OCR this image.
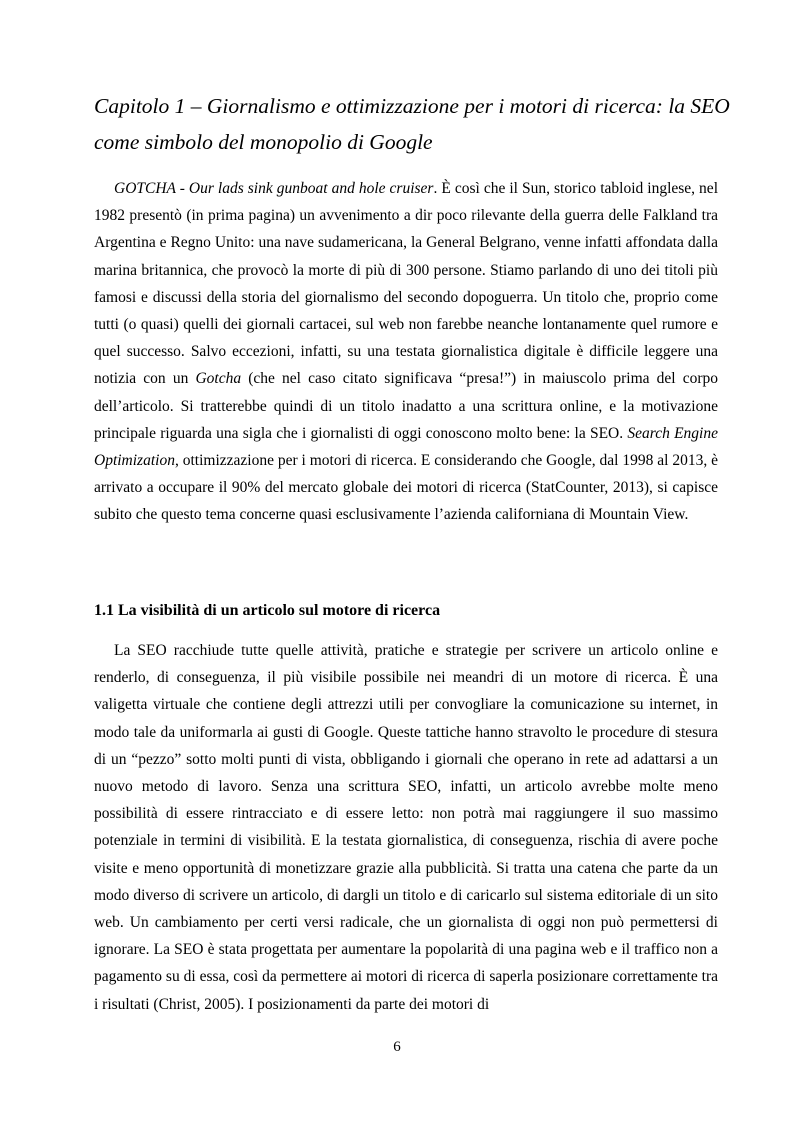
Capitolo 1 – Giornalismo e ottimizzazione per i motori di ricerca: la SEO come simbolo del monopolio di Google

GOTCHA - Our lads sink gunboat and hole cruiser. È così che il Sun, storico tabloid inglese, nel 1982 presentò (in prima pagina) un avvenimento a dir poco rilevante della guerra delle Falkland tra Argentina e Regno Unito: una nave sudamericana, la General Belgrano, venne infatti affondata dalla marina britannica, che provocò la morte di più di 300 persone. Stiamo parlando di uno dei titoli più famosi e discussi della storia del giornalismo del secondo dopoguerra. Un titolo che, proprio come tutti (o quasi) quelli dei giornali cartacei, sul web non farebbe neanche lontanamente quel rumore e quel successo. Salvo eccezioni, infatti, su una testata giornalistica digitale è difficile leggere una notizia con un Gotcha (che nel caso citato significava “presa!”) in maiuscolo prima del corpo dell’articolo. Si tratterebbe quindi di un titolo inadatto a una scrittura online, e la motivazione principale riguarda una sigla che i giornalisti di oggi conoscono molto bene: la SEO. Search Engine Optimization, ottimizzazione per i motori di ricerca. E considerando che Google, dal 1998 al 2013, è arrivato a occupare il 90% del mercato globale dei motori di ricerca (StatCounter, 2013), si capisce subito che questo tema concerne quasi esclusivamente l’azienda californiana di Mountain View.

1.1 La visibilità di un articolo sul motore di ricerca

La SEO racchiude tutte quelle attività, pratiche e strategie per scrivere un articolo online e renderlo, di conseguenza, il più visibile possibile nei meandri di un motore di ricerca. È una valigetta virtuale che contiene degli attrezzi utili per convogliare la comunicazione su internet, in modo tale da uniformarla ai gusti di Google. Queste tattiche hanno stravolto le procedure di stesura di un “pezzo” sotto molti punti di vista, obbligando i giornali che operano in rete ad adattarsi a un nuovo metodo di lavoro. Senza una scrittura SEO, infatti, un articolo avrebbe molte meno possibilità di essere rintracciato e di essere letto: non potrà mai raggiungere il suo massimo potenziale in termini di visibilità. E la testata giornalistica, di conseguenza, rischia di avere poche visite e meno opportunità di monetizzare grazie alla pubblicità. Si tratta una catena che parte da un modo diverso di scrivere un articolo, di dargli un titolo e di caricarlo sul sistema editoriale di un sito web. Un cambiamento per certi versi radicale, che un giornalista di oggi non può permettersi di ignorare. La SEO è stata progettata per aumentare la popolarità di una pagina web e il traffico non a pagamento su di essa, così da permettere ai motori di ricerca di saperla posizionare correttamente tra i risultati (Christ, 2005). I posizionamenti da parte dei motori di

6
